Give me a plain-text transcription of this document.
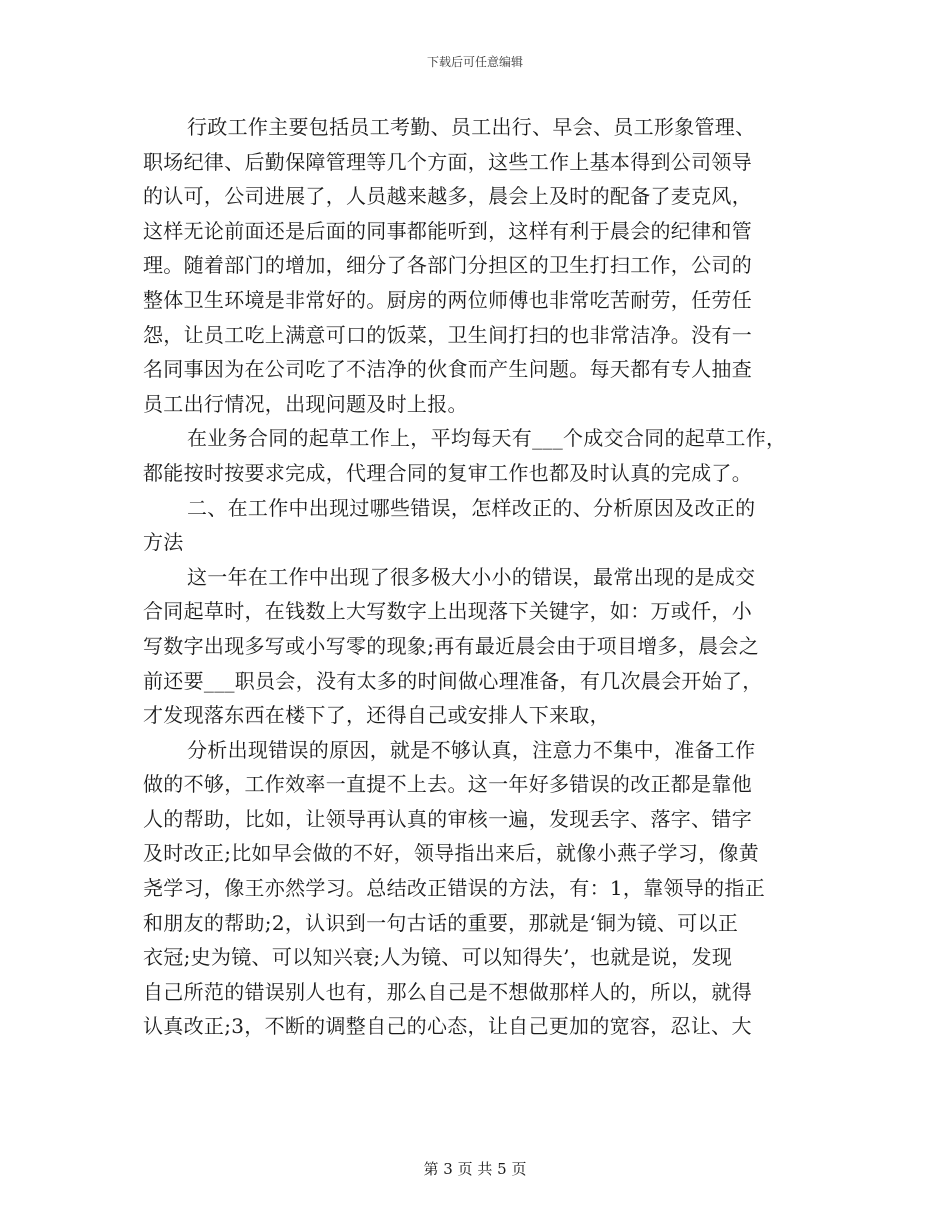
下载后可任意编辑
行政工作主要包括员工考勤、员工出行、早会、员工形象管理、
职场纪律、后勤保障管理等几个方面，这些工作上基本得到公司领导
的认可，公司进展了，人员越来越多，晨会上及时的配备了麦克风，
这样无论前面还是后面的同事都能听到，这样有利于晨会的纪律和管
理。随着部门的增加，细分了各部门分担区的卫生打扫工作，公司的
整体卫生环境是非常好的。厨房的两位师傅也非常吃苦耐劳，任劳任
怨，让员工吃上满意可口的饭菜，卫生间打扫的也非常洁净。没有一
名同事因为在公司吃了不洁净的伙食而产生问题。每天都有专人抽查
员工出行情况，出现问题及时上报。
在业务合同的起草工作上，平均每天有___个成交合同的起草工作，
都能按时按要求完成，代理合同的复审工作也都及时认真的完成了。
二、在工作中出现过哪些错误，怎样改正的、分析原因及改正的
方法
这一年在工作中出现了很多极大小小的错误，最常出现的是成交
合同起草时，在钱数上大写数字上出现落下关键字，如：万或仟，小
写数字出现多写或小写零的现象;再有最近晨会由于项目增多，晨会之
前还要___职员会，没有太多的时间做心理准备，有几次晨会开始了，
才发现落东西在楼下了，还得自己或安排人下来取，
分析出现错误的原因，就是不够认真，注意力不集中，准备工作
做的不够，工作效率一直提不上去。这一年好多错误的改正都是靠他
人的帮助，比如，让领导再认真的审核一遍，发现丢字、落字、错字
及时改正;比如早会做的不好，领导指出来后，就像小燕子学习，像黄
尧学习，像王亦然学习。总结改正错误的方法，有：1，靠领导的指正
和朋友的帮助;2，认识到一句古话的重要，那就是‘铜为镜、可以正
衣冠;史为镜、可以知兴衰;人为镜、可以知得失’，也就是说，发现
自己所范的错误别人也有，那么自己是不想做那样人的，所以，就得
认真改正;3，不断的调整自己的心态，让自己更加的宽容，忍让、大
第 3 页 共 5 页
